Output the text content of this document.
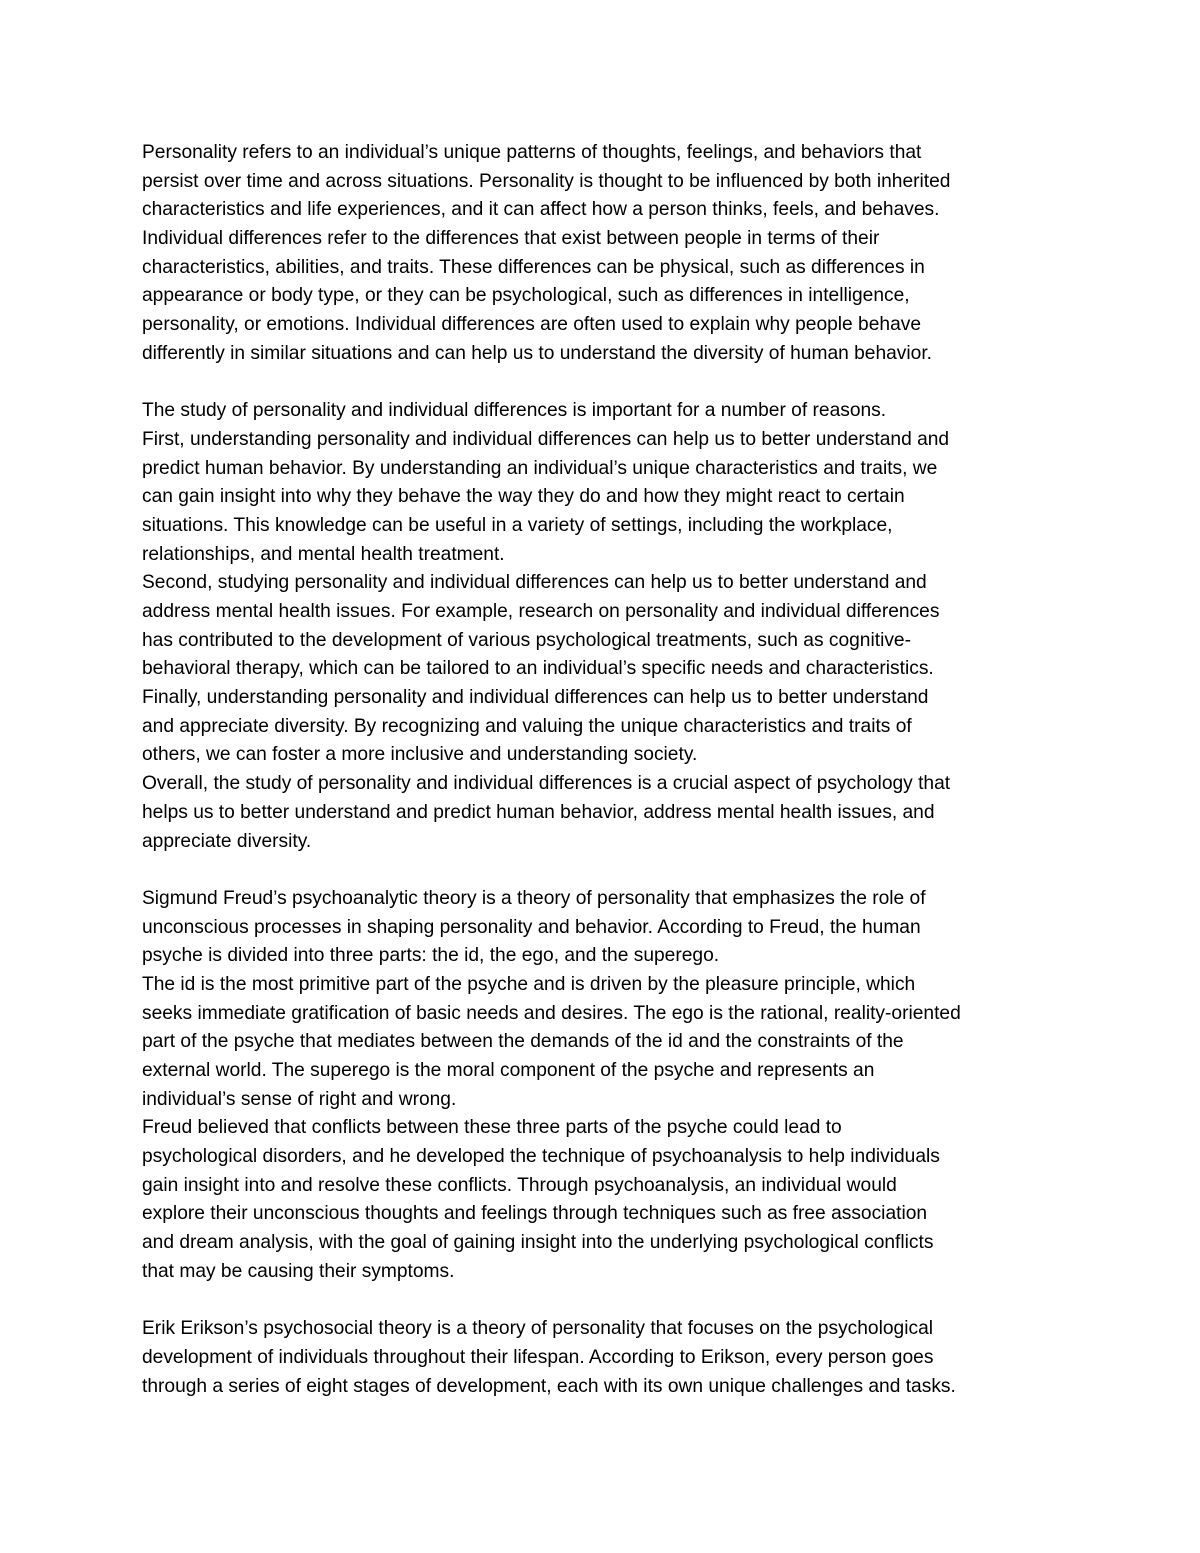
Personality refers to an individual’s unique patterns of thoughts, feelings, and behaviors that
persist over time and across situations. Personality is thought to be influenced by both inherited
characteristics and life experiences, and it can affect how a person thinks, feels, and behaves.
Individual differences refer to the differences that exist between people in terms of their
characteristics, abilities, and traits. These differences can be physical, such as differences in
appearance or body type, or they can be psychological, such as differences in intelligence,
personality, or emotions. Individual differences are often used to explain why people behave
differently in similar situations and can help us to understand the diversity of human behavior.
The study of personality and individual differences is important for a number of reasons.
First, understanding personality and individual differences can help us to better understand and
predict human behavior. By understanding an individual’s unique characteristics and traits, we
can gain insight into why they behave the way they do and how they might react to certain
situations. This knowledge can be useful in a variety of settings, including the workplace,
relationships, and mental health treatment.
Second, studying personality and individual differences can help us to better understand and
address mental health issues. For example, research on personality and individual differences
has contributed to the development of various psychological treatments, such as cognitive-
behavioral therapy, which can be tailored to an individual’s specific needs and characteristics.
Finally, understanding personality and individual differences can help us to better understand
and appreciate diversity. By recognizing and valuing the unique characteristics and traits of
others, we can foster a more inclusive and understanding society.
Overall, the study of personality and individual differences is a crucial aspect of psychology that
helps us to better understand and predict human behavior, address mental health issues, and
appreciate diversity.
Sigmund Freud’s psychoanalytic theory is a theory of personality that emphasizes the role of
unconscious processes in shaping personality and behavior. According to Freud, the human
psyche is divided into three parts: the id, the ego, and the superego.
The id is the most primitive part of the psyche and is driven by the pleasure principle, which
seeks immediate gratification of basic needs and desires. The ego is the rational, reality-oriented
part of the psyche that mediates between the demands of the id and the constraints of the
external world. The superego is the moral component of the psyche and represents an
individual’s sense of right and wrong.
Freud believed that conflicts between these three parts of the psyche could lead to
psychological disorders, and he developed the technique of psychoanalysis to help individuals
gain insight into and resolve these conflicts. Through psychoanalysis, an individual would
explore their unconscious thoughts and feelings through techniques such as free association
and dream analysis, with the goal of gaining insight into the underlying psychological conflicts
that may be causing their symptoms.
Erik Erikson’s psychosocial theory is a theory of personality that focuses on the psychological
development of individuals throughout their lifespan. According to Erikson, every person goes
through a series of eight stages of development, each with its own unique challenges and tasks.
